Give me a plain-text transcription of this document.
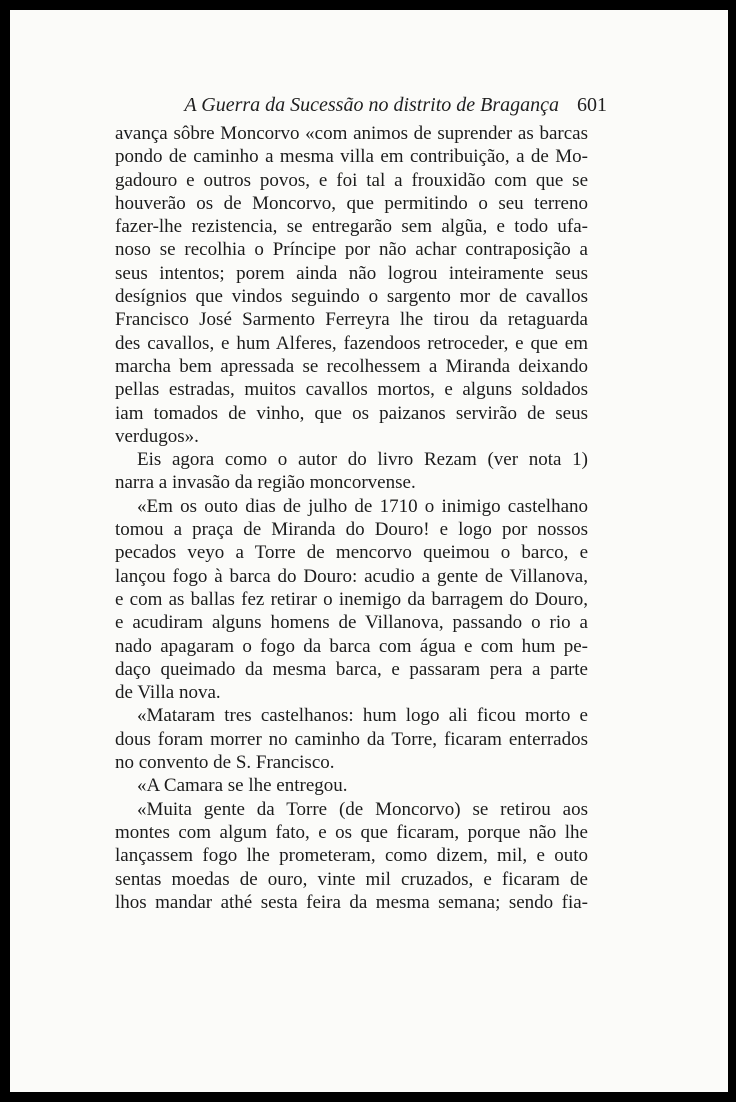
A Guerra da Sucessão no distrito de Bragança 601
avança sôbre Moncorvo «com animos de suprender as barcas
pondo de caminho a mesma villa em contribuição, a de Mo-
gadouro e outros povos, e foi tal a frouxidão com que se
houverão os de Moncorvo, que permitindo o seu terreno
fazer-lhe rezistencia, se entregarão sem algũa, e todo ufa-
noso se recolhia o Príncipe por não achar contraposição a
seus intentos; porem ainda não logrou inteiramente seus
desígnios que vindos seguindo o sargento mor de cavallos
Francisco José Sarmento Ferreyra lhe tirou da retaguarda
des cavallos, e hum Alferes, fazendoos retroceder, e que em
marcha bem apressada se recolhessem a Miranda deixando
pellas estradas, muitos cavallos mortos, e alguns soldados
iam tomados de vinho, que os paizanos servirão de seus
verdugos».
Eis agora como o autor do livro Rezam (ver nota 1)
narra a invasão da região moncorvense.
«Em os outo dias de julho de 1710 o inimigo castelhano
tomou a praça de Miranda do Douro! e logo por nossos
pecados veyo a Torre de mencorvo queimou o barco, e
lançou fogo à barca do Douro: acudio a gente de Villanova,
e com as ballas fez retirar o inemigo da barragem do Douro,
e acudiram alguns homens de Villanova, passando o rio a
nado apagaram o fogo da barca com água e com hum pe-
daço queimado da mesma barca, e passaram pera a parte
de Villa nova.
«Mataram tres castelhanos: hum logo ali ficou morto e
dous foram morrer no caminho da Torre, ficaram enterrados
no convento de S. Francisco.
«A Camara se lhe entregou.
«Muita gente da Torre (de Moncorvo) se retirou aos
montes com algum fato, e os que ficaram, porque não lhe
lançassem fogo lhe prometeram, como dizem, mil, e outo
sentas moedas de ouro, vinte mil cruzados, e ficaram de
lhos mandar athé sesta feira da mesma semana; sendo fia-
